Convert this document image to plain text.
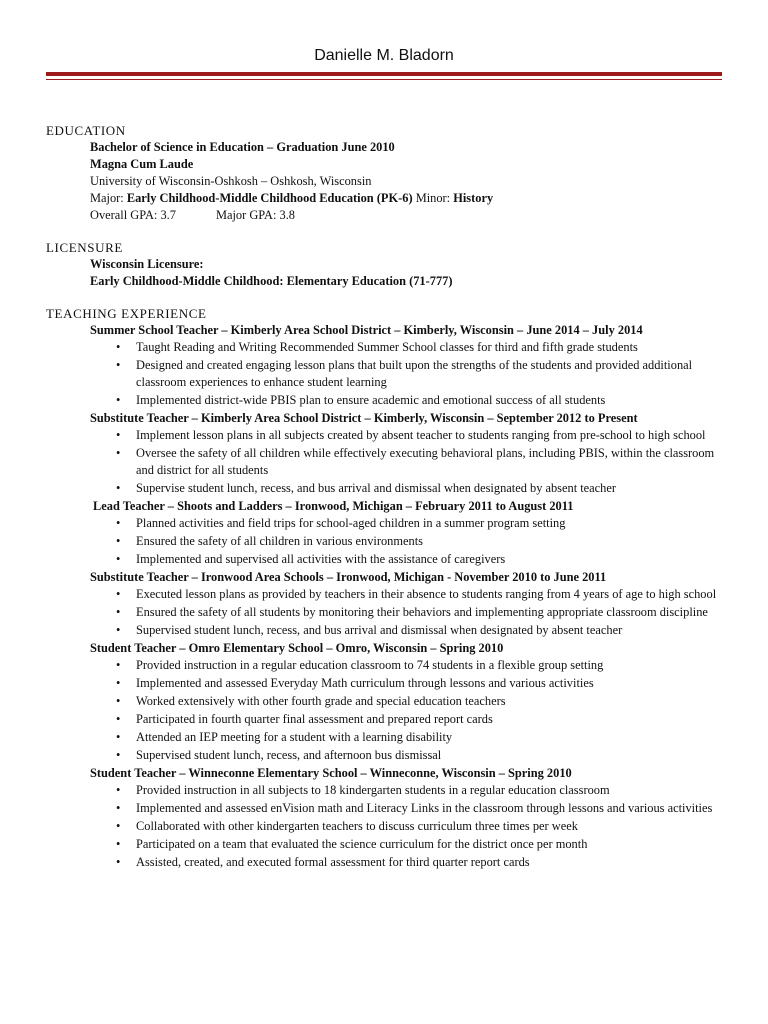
Danielle M. Bladorn
EDUCATION
Bachelor of Science in Education – Graduation June 2010
Magna Cum Laude
University of Wisconsin-Oshkosh – Oshkosh, Wisconsin
Major: Early Childhood-Middle Childhood Education (PK-6) Minor: History
Overall GPA: 3.7	Major GPA: 3.8
LICENSURE
Wisconsin Licensure:
Early Childhood-Middle Childhood: Elementary Education (71-777)
TEACHING EXPERIENCE
Summer School Teacher – Kimberly Area School District – Kimberly, Wisconsin – June 2014 – July 2014
• Taught Reading and Writing Recommended Summer School classes for third and fifth grade students
• Designed and created engaging lesson plans that built upon the strengths of the students and provided additional classroom experiences to enhance student learning
• Implemented district-wide PBIS plan to ensure academic and emotional success of all students
Substitute Teacher – Kimberly Area School District – Kimberly, Wisconsin – September 2012 to Present
• Implement lesson plans in all subjects created by absent teacher to students ranging from pre-school to high school
• Oversee the safety of all children while effectively executing behavioral plans, including PBIS, within the classroom and district for all students
• Supervise student lunch, recess, and bus arrival and dismissal when designated by absent teacher
Lead Teacher – Shoots and Ladders – Ironwood, Michigan – February 2011 to August 2011
• Planned activities and field trips for school-aged children in a summer program setting
• Ensured the safety of all children in various environments
• Implemented and supervised all activities with the assistance of caregivers
Substitute Teacher – Ironwood Area Schools – Ironwood, Michigan - November 2010 to June 2011
• Executed lesson plans as provided by teachers in their absence to students ranging from 4 years of age to high school
• Ensured the safety of all students by monitoring their behaviors and implementing appropriate classroom discipline
• Supervised student lunch, recess, and bus arrival and dismissal when designated by absent teacher
Student Teacher – Omro Elementary School – Omro, Wisconsin – Spring 2010
• Provided instruction in a regular education classroom to 74 students in a flexible group setting
• Implemented and assessed Everyday Math curriculum through lessons and various activities
• Worked extensively with other fourth grade and special education teachers
• Participated in fourth quarter final assessment and prepared report cards
• Attended an IEP meeting for a student with a learning disability
• Supervised student lunch, recess, and afternoon bus dismissal
Student Teacher – Winneconne Elementary School – Winneconne, Wisconsin – Spring 2010
• Provided instruction in all subjects to 18 kindergarten students in a regular education classroom
• Implemented and assessed enVision math and Literacy Links in the classroom through lessons and various activities
• Collaborated with other kindergarten teachers to discuss curriculum three times per week
• Participated on a team that evaluated the science curriculum for the district once per month
• Assisted, created, and executed formal assessment for third quarter report cards
